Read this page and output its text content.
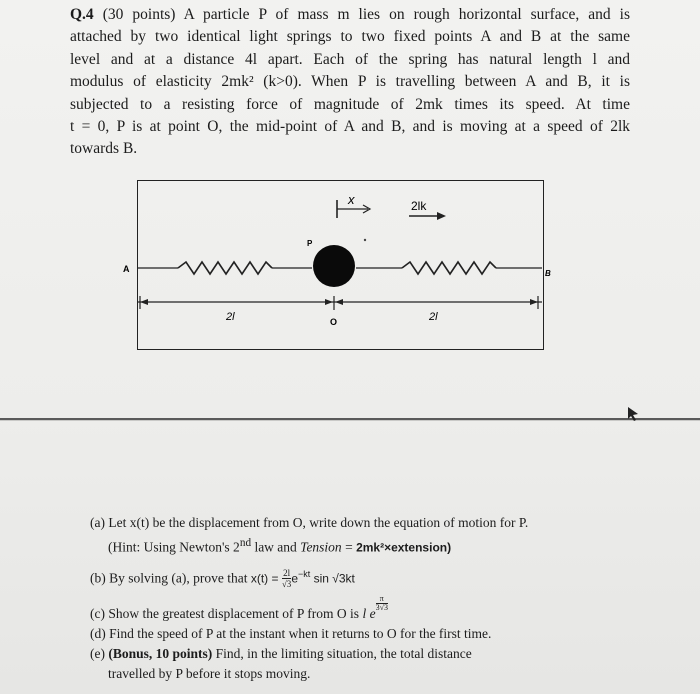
Q.4 (30 points) A particle P of mass m lies on rough horizontal surface, and is
attached by two identical light springs to two fixed points A and B at the same
level and at a distance 4l apart. Each of the spring has natural length l and
modulus of elasticity 2mk² (k>0). When P is travelling between A and B, it is
subjected to a resisting force of magnitude of 2mk times its speed. At time
t = 0, P is at point O, the mid-point of A and B, and is moving at a speed of 2lk
towards B.
A	B
P
x	2lk
2l	2l
O
(a) Let x(t) be the displacement from O, write down the equation of motion for P.
(Hint: Using Newton's 2nd law and Tension = 2mk²×extension)
(b) By solving (a), prove that $x(t) = \frac{2l}{√3} e^{-kt}$ sin √3kt
(c) Show the greatest displacement of P from O is l e
$^{\frac{\pi}{3√3}}$
(d) Find the speed of P at the instant when it returns to O for the first time.
(e) (Bonus, 10 points) Find, in the limiting situation, the total distance
travelled by P before it stops moving.
